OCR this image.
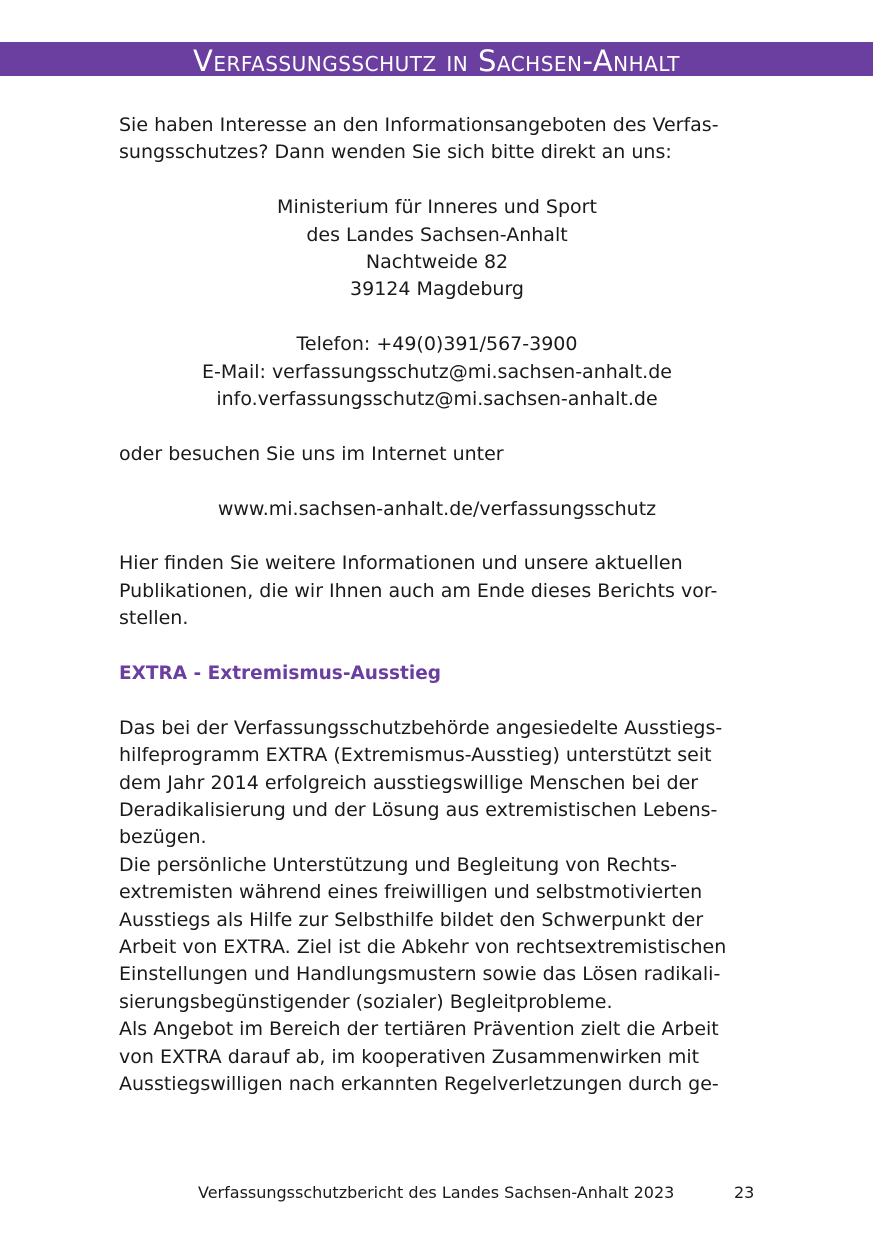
Verfassungsschutz in Sachsen-Anhalt

Sie haben Interesse an den Informationsangeboten des Verfas-

sungsschutzes? Dann wenden Sie sich bitte direkt an uns:

Ministerium für Inneres und Sport

des Landes Sachsen-Anhalt

Nachtweide 82

39124 Magdeburg

Telefon: +49(0)391/567-3900

E-Mail: verfassungsschutz@mi.sachsen-anhalt.de

info.verfassungsschutz@mi.sachsen-anhalt.de

oder besuchen Sie uns im Internet unter

www.mi.sachsen-anhalt.de/verfassungsschutz

Hier finden Sie weitere Informationen und unsere aktuellen

Publikationen, die wir Ihnen auch am Ende dieses Berichts vor-

stellen.

EXTRA - Extremismus-Ausstieg

Das bei der Verfassungsschutzbehörde angesiedelte Ausstiegs-

hilfeprogramm EXTRA (Extremismus-Ausstieg) unterstützt seit

dem Jahr 2014 erfolgreich ausstiegswillige Menschen bei der

Deradikalisierung und der Lösung aus extremistischen Lebens-

bezügen.

Die persönliche Unterstützung und Begleitung von Rechts-

extremisten während eines freiwilligen und selbstmotivierten

Ausstiegs als Hilfe zur Selbsthilfe bildet den Schwerpunkt der

Arbeit von EXTRA. Ziel ist die Abkehr von rechtsextremistischen

Einstellungen und Handlungsmustern sowie das Lösen radikali-

sierungsbegünstigender (sozialer) Begleitprobleme.

Als Angebot im Bereich der tertiären Prävention zielt die Arbeit

von EXTRA darauf ab, im kooperativen Zusammenwirken mit

Ausstiegswilligen nach erkannten Regelverletzungen durch ge-

Verfassungsschutzbericht des Landes Sachsen-Anhalt 2023	23
